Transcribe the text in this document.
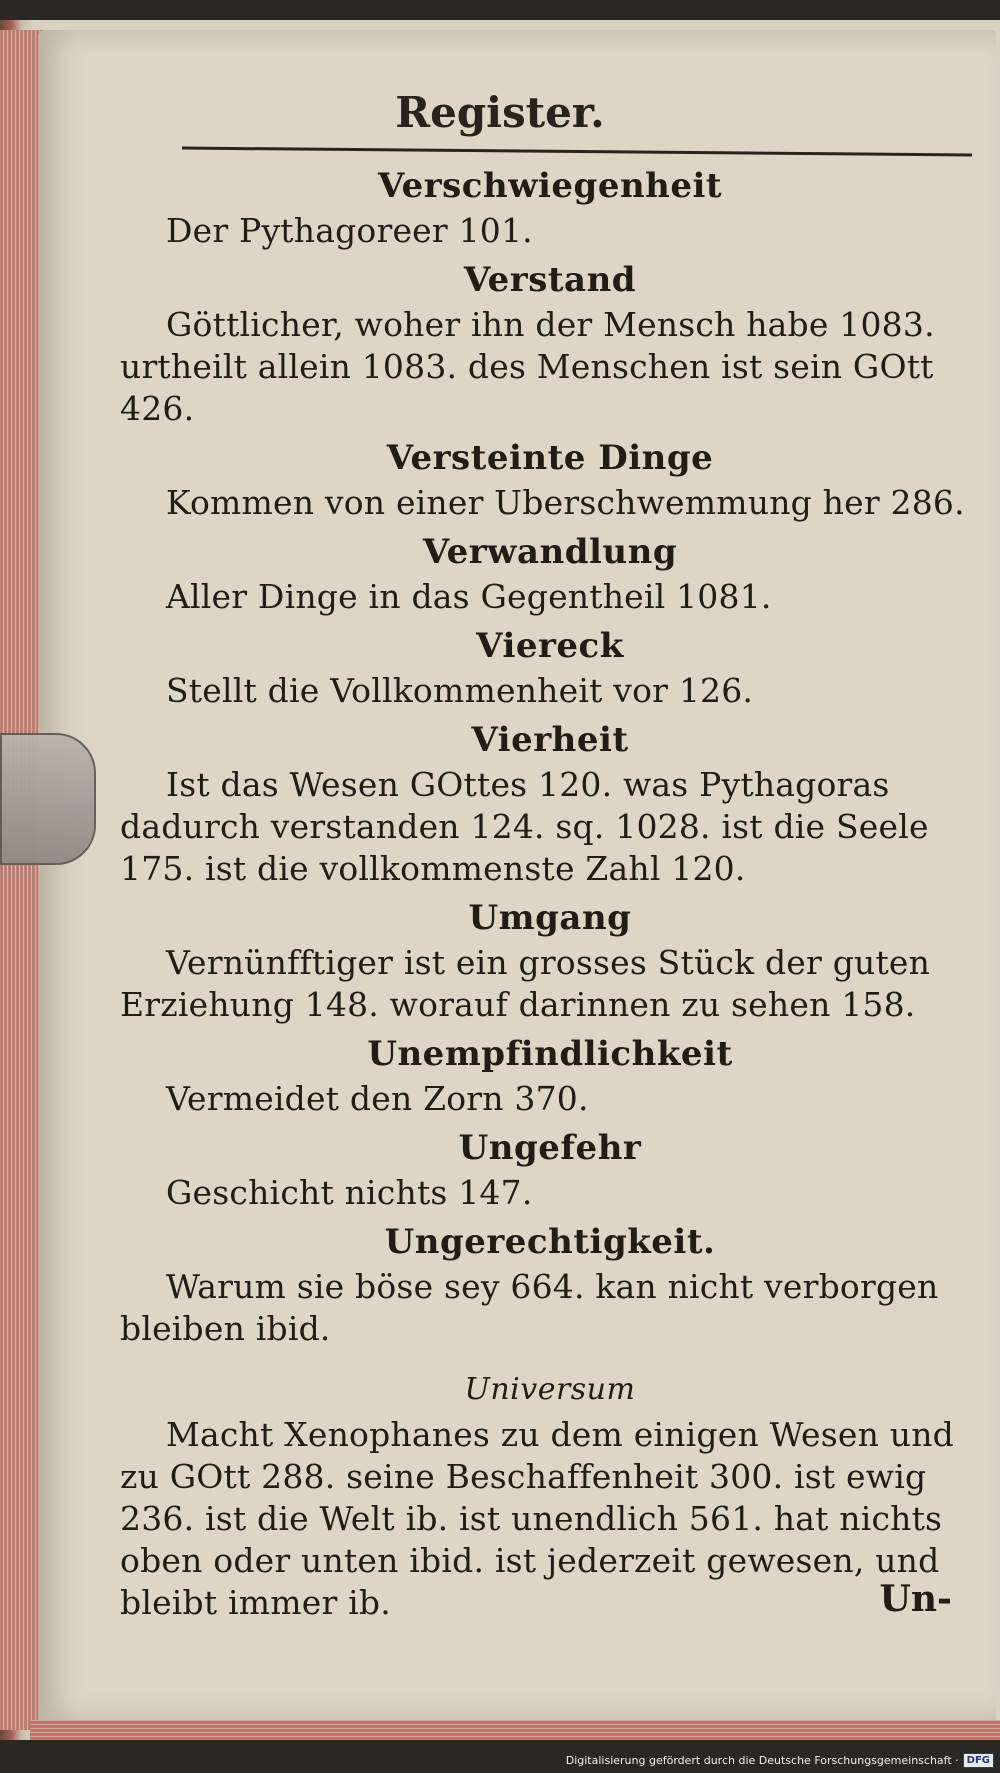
Register.
Verschwiegenheit

Der Pythagoreer 101.

Verstand

Göttlicher, woher ihn der Mensch habe 1083. urtheilt allein 1083. des Menschen ist sein GOtt 426.

Versteinte Dinge

Kommen von einer Uberschwemmung her 286.

Verwandlung

Aller Dinge in das Gegentheil 1081.

Viereck

Stellt die Vollkommenheit vor 126.

Vierheit

Ist das Wesen GOttes 120. was Pythagoras dadurch verstanden 124. sq. 1028. ist die Seele 175. ist die vollkommenste Zahl 120.

Umgang

Vernünfftiger ist ein grosses Stück der guten Erziehung 148. worauf darinnen zu sehen 158.

Unempfindlichkeit

Vermeidet den Zorn 370.

Ungefehr

Geschicht nichts 147.

Ungerechtigkeit.

Warum sie böse sey 664. kan nicht verborgen bleiben ibid.

Universum

Macht Xenophanes zu dem einigen Wesen und zu GOtt 288. seine Beschaffenheit 300. ist ewig 236. ist die Welt ib. ist unendlich 561. hat nichts oben oder unten ibid. ist jederzeit gewesen, und bleibt immer ib.	Un-
Digitalisierung gefördert durch die Deutsche Forschungsgemeinschaft · DFG
